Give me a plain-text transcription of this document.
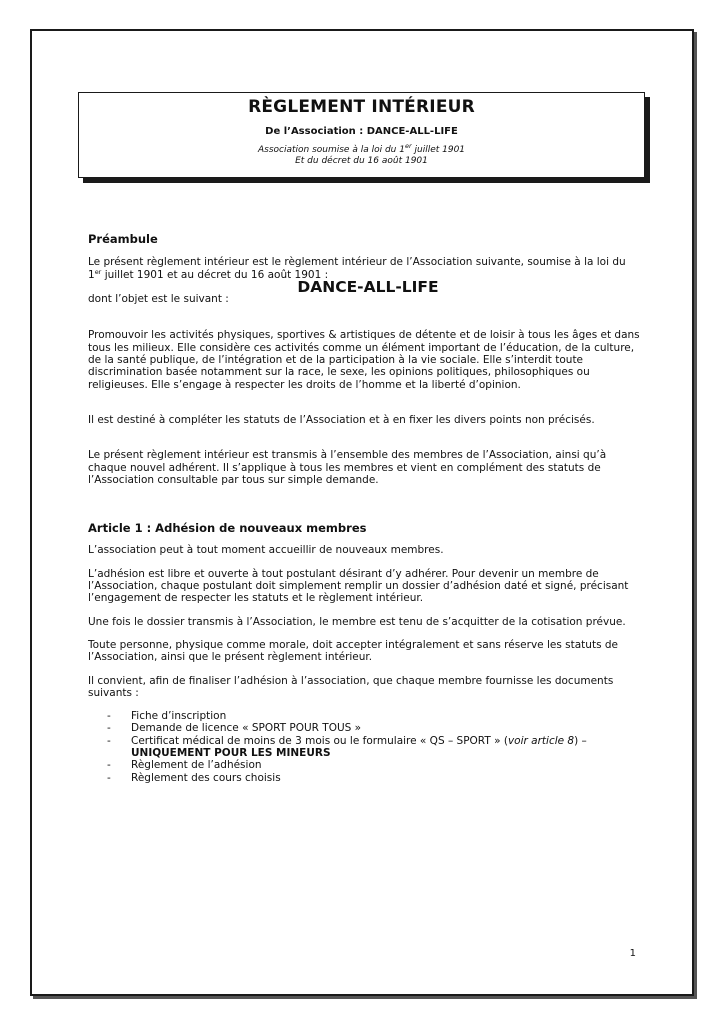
RÈGLEMENT INTÉRIEUR
De l’Association : DANCE-ALL-LIFE
Association soumise à la loi du 1er juillet 1901
Et du décret du 16 août 1901

Préambule

Le présent règlement intérieur est le règlement intérieur de l’Association suivante, soumise à la loi du
1er juillet 1901 et au décret du 16 août 1901 :

DANCE-ALL-LIFE

dont l’objet est le suivant :

Promouvoir les activités physiques, sportives & artistiques de détente et de loisir à tous les âges et dans tous les milieux. Elle considère ces activités comme un élément important de l’éducation, de la culture, de la santé publique, de l’intégration et de la participation à la vie sociale. Elle s’interdit toute discrimination basée notamment sur la race, le sexe, les opinions politiques, philosophiques ou religieuses. Elle s’engage à respecter les droits de l’homme et la liberté d’opinion.

Il est destiné à compléter les statuts de l’Association et à en fixer les divers points non précisés.

Le présent règlement intérieur est transmis à l’ensemble des membres de l’Association, ainsi qu’à chaque nouvel adhérent. Il s’applique à tous les membres et vient en complément des statuts de l’Association consultable par tous sur simple demande.

Article 1 : Adhésion de nouveaux membres

L’association peut à tout moment accueillir de nouveaux membres.

L’adhésion est libre et ouverte à tout postulant désirant d’y adhérer. Pour devenir un membre de l’Association, chaque postulant doit simplement remplir un dossier d’adhésion daté et signé, précisant l’engagement de respecter les statuts et le règlement intérieur.

Une fois le dossier transmis à l’Association, le membre est tenu de s’acquitter de la cotisation prévue.

Toute personne, physique comme morale, doit accepter intégralement et sans réserve les statuts de l’Association, ainsi que le présent règlement intérieur.

Il convient, afin de finaliser l’adhésion à l’association, que chaque membre fournisse les documents suivants :

- Fiche d’inscription
- Demande de licence « SPORT POUR TOUS »
- Certificat médical de moins de 3 mois ou le formulaire « QS – SPORT » (voir article 8) –
UNIQUEMENT POUR LES MINEURS
- Règlement de l’adhésion
- Règlement des cours choisis
1
